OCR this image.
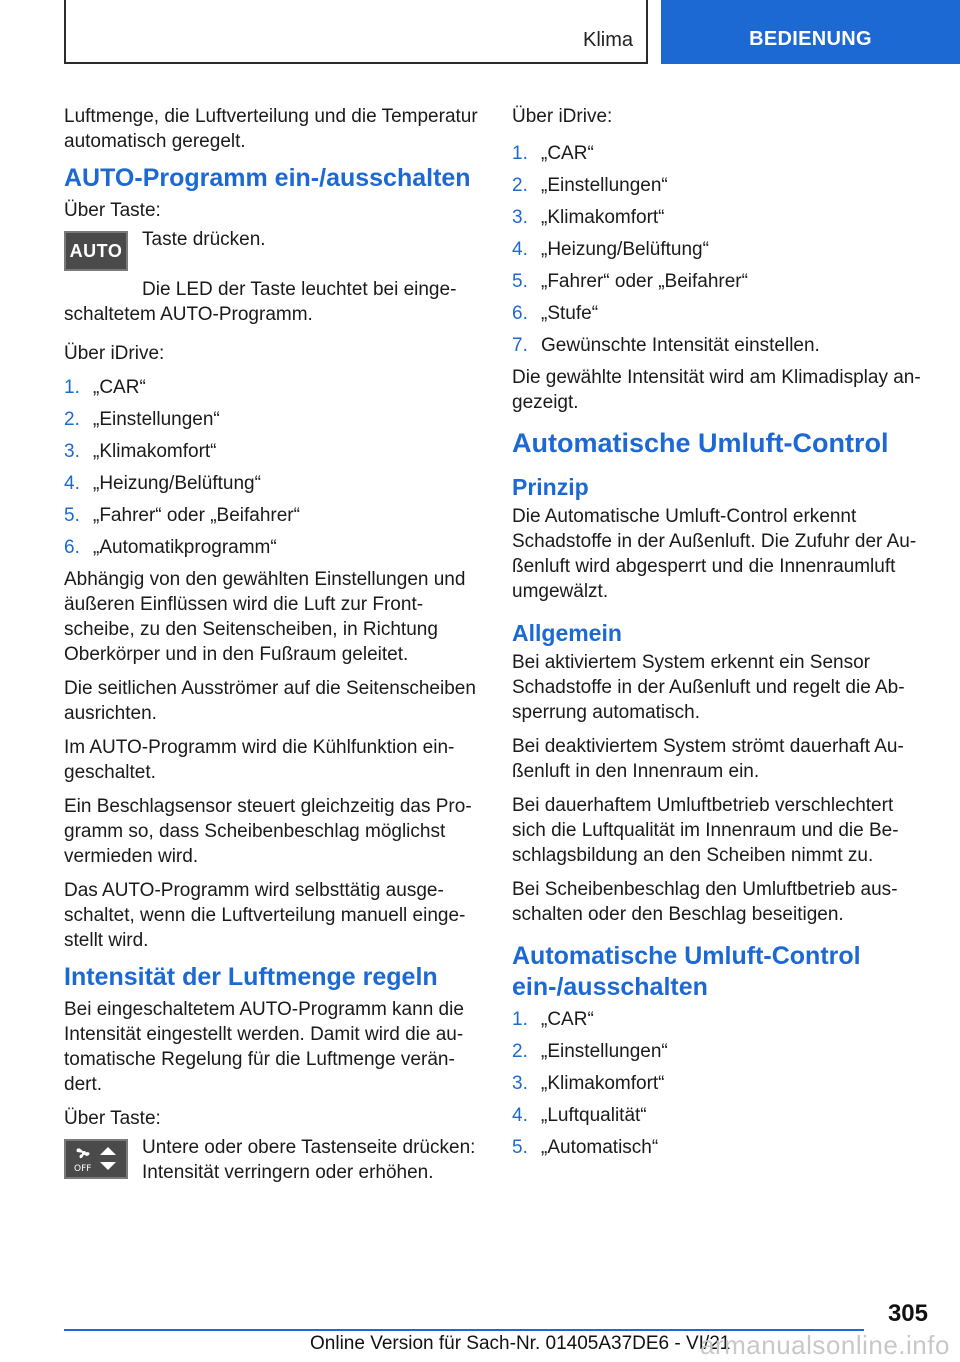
Klima	BEDIENUNG

Luftmenge, die Luftverteilung und die Temperatur automatisch geregelt.

AUTO-Programm ein-/ausschalten

Über Taste:

AUTO

Taste drücken.

Die LED der Taste leuchtet bei eingeschaltetem AUTO-Programm.

Über iDrive:

1. „CAR“
2. „Einstellungen“
3. „Klimakomfort“
4. „Heizung/Belüftung“
5. „Fahrer“ oder „Beifahrer“
6. „Automatikprogramm“

Abhängig von den gewählten Einstellungen und äußeren Einflüssen wird die Luft zur Frontscheibe, zu den Seitenscheiben, in Richtung Oberkörper und in den Fußraum geleitet.

Die seitlichen Ausströmer auf die Seitenscheiben ausrichten.

Im AUTO-Programm wird die Kühlfunktion eingeschaltet.

Ein Beschlagsensor steuert gleichzeitig das Programm so, dass Scheibenbeschlag möglichst vermieden wird.

Das AUTO-Programm wird selbsttätig ausgeschaltet, wenn die Luftverteilung manuell eingestellt wird.

Intensität der Luftmenge regeln

Bei eingeschaltetem AUTO-Programm kann die Intensität eingestellt werden. Damit wird die automatische Regelung für die Luftmenge verändert.

Über Taste:

OFF

Untere oder obere Tastenseite drücken: Intensität verringern oder erhöhen.

Über iDrive:

1. „CAR“
2. „Einstellungen“
3. „Klimakomfort“
4. „Heizung/Belüftung“
5. „Fahrer“ oder „Beifahrer“
6. „Stufe“
7. Gewünschte Intensität einstellen.

Die gewählte Intensität wird am Klimadisplay angezeigt.

Automatische Umluft-Control
Prinzip

Die Automatische Umluft-Control erkennt Schadstoffe in der Außenluft. Die Zufuhr der Außenluft wird abgesperrt und die Innenraumluft umgewälzt.

Allgemein

Bei aktiviertem System erkennt ein Sensor Schadstoffe in der Außenluft und regelt die Absperrung automatisch.

Bei deaktiviertem System strömt dauerhaft Außenluft in den Innenraum ein.

Bei dauerhaftem Umluftbetrieb verschlechtert sich die Luftqualität im Innenraum und die Beschlagsbildung an den Scheiben nimmt zu.

Bei Scheibenbeschlag den Umluftbetrieb ausschalten oder den Beschlag beseitigen.

Automatische Umluft-Control ein-/ausschalten
1. „CAR“
2. „Einstellungen“
3. „Klimakomfort“
4. „Luftqualität“
5. „Automatisch“
305
Online Version für Sach-Nr. 01405A37DE6 - VI/21
armanualsonline.info
